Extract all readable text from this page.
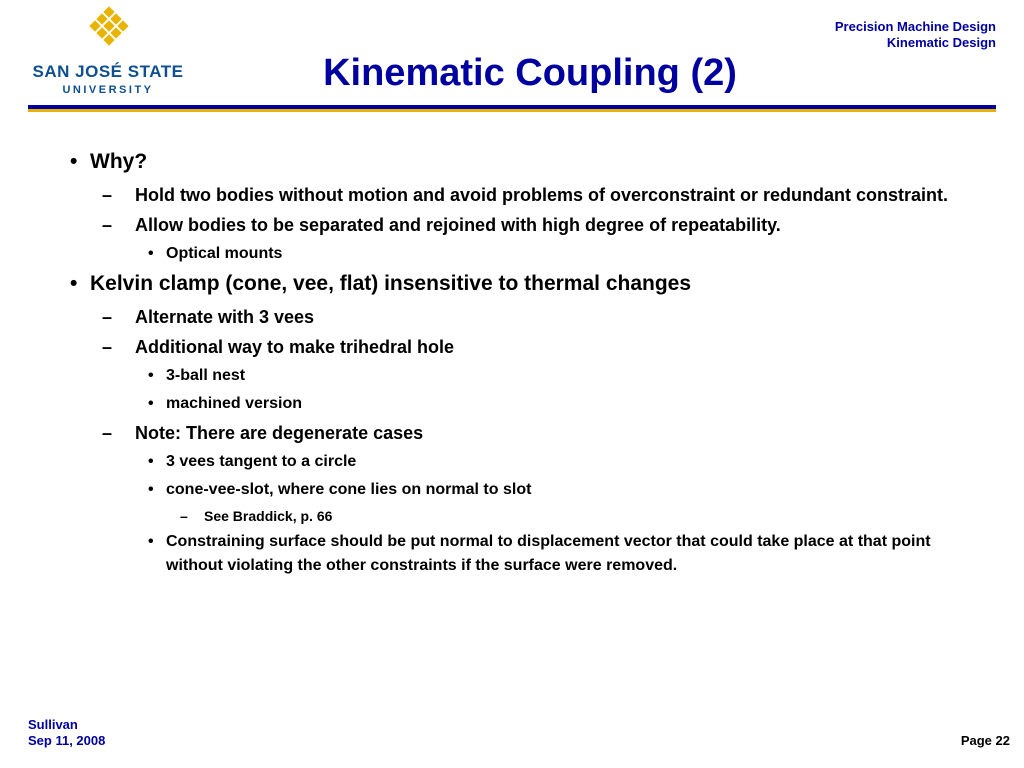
SAN JOSÉ STATE
UNIVERSITY
Precision Machine Design
Kinematic Design
Kinematic Coupling (2)
• Why?
– Hold two bodies without motion and avoid problems of overconstraint or redundant constraint.
– Allow bodies to be separated and rejoined with high degree of repeatability.
• Optical mounts
• Kelvin clamp (cone, vee, flat) insensitive to thermal changes
– Alternate with 3 vees
– Additional way to make trihedral hole
• 3-ball nest
• machined version
– Note: There are degenerate cases
• 3 vees tangent to a circle
• cone-vee-slot, where cone lies on normal to slot
– See Braddick, p. 66
• Constraining surface should be put normal to displacement vector that could take place at that point without violating the other constraints if the surface were removed.
Sullivan
Sep 11, 2008	Page 22
